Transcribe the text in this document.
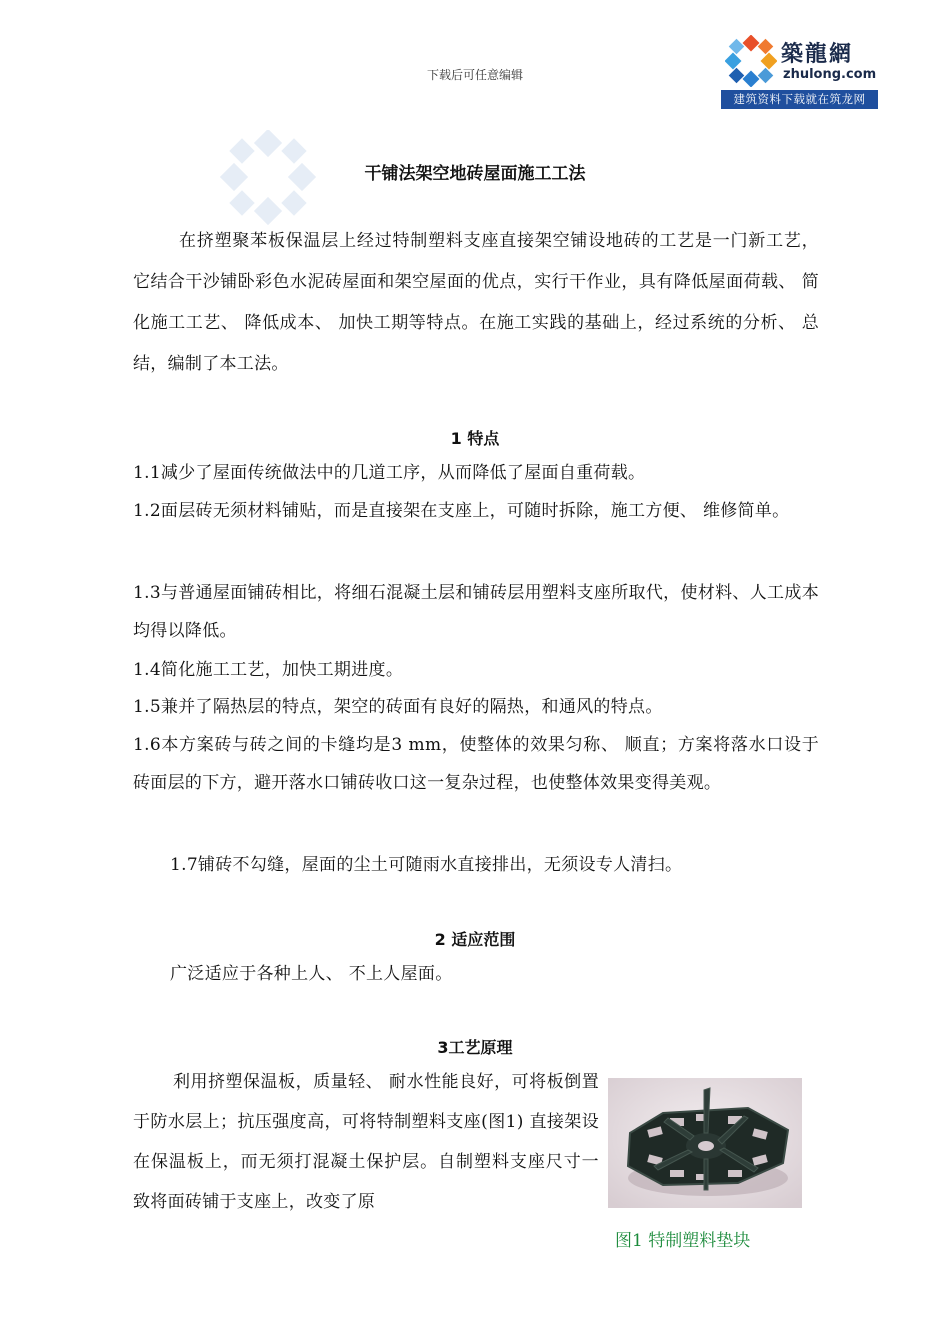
下载后可任意编辑
築龍網
zhulong.com
建筑资料下载就在筑龙网
干铺法架空地砖屋面施工工法
在挤塑聚苯板保温层上经过特制塑料支座直接架空铺设地砖的工艺是一门新工艺，它结合干沙铺卧彩色水泥砖屋面和架空屋面的优点，实行干作业，具有降低屋面荷载、 简化施工工艺、 降低成本、 加快工期等特点。在施工实践的基础上，经过系统的分析、 总结，编制了本工法。
1 特点
1.1减少了屋面传统做法中的几道工序，从而降低了屋面自重荷载。
1.2面层砖无须材料铺贴，而是直接架在支座上，可随时拆除，施工方便、 维修简单。
1.3与普通屋面铺砖相比，将细石混凝土层和铺砖层用塑料支座所取代，使材料、人工成本均得以降低。
1.4简化施工工艺，加快工期进度。
1.5兼并了隔热层的特点，架空的砖面有良好的隔热，和通风的特点。
1.6本方案砖与砖之间的卡缝均是3 mm，使整体的效果匀称、 顺直；方案将落水口设于砖面层的下方，避开落水口铺砖收口这一复杂过程，也使整体效果变得美观。
1.7铺砖不勾缝，屋面的尘土可随雨水直接排出，无须设专人清扫。
2 适应范围
广泛适应于各种上人、 不上人屋面。
3工艺原理
利用挤塑保温板，质量轻、 耐水性能良好，可将板倒置于防水层上；抗压强度高，可将特制塑料支座(图1) 直接架设在保温板上，而无须打混凝土保护层。自制塑料支座尺寸一致将面砖铺于支座上，改变了原
图1 特制塑料垫块
